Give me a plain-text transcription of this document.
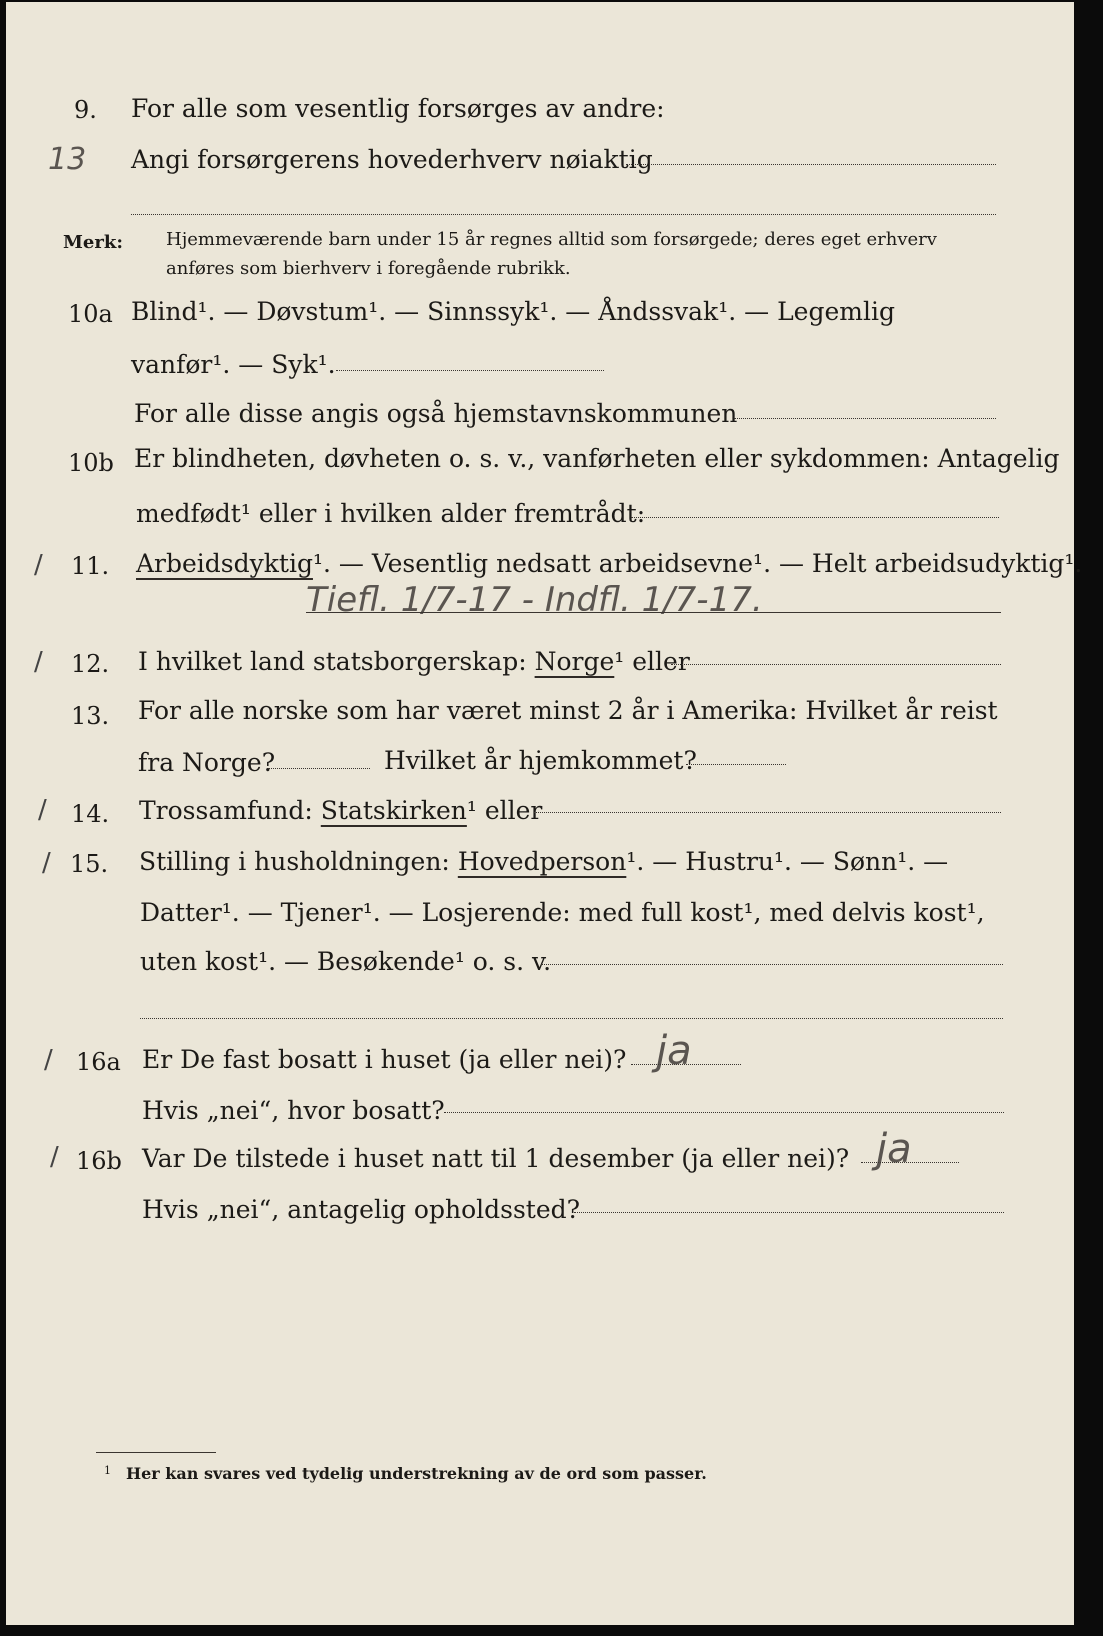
9. For alle som vesentlig forsørges av andre:
13 Angi forsørgerens hovederhverv nøiaktig
Merk: Hjemmeværende barn under 15 år regnes alltid som forsørgede; deres eget erhverv
anføres som bierhverv i foregående rubrikk.
10a Blind¹. — Døvstum¹. — Sinnssyk¹. — Åndssvak¹. — Legemlig
vanfør¹. — Syk¹.
For alle disse angis også hjemstavnskommunen
10b Er blindheten, døvheten o. s. v., vanførheten eller sykdommen: Antagelig
medfødt¹ eller i hvilken alder fremtrådt:
/ 11. Arbeidsdyktig¹. — Vesentlig nedsatt arbeidsevne¹. — Helt arbeidsudyktig¹.
Tiefl. 1/7-17 - Indfl. 1/7-17.
/ 12. I hvilket land statsborgerskap: Norge¹ eller
13. For alle norske som har været minst 2 år i Amerika: Hvilket år reist
fra Norge?	Hvilket år hjemkommet?
/ 14. Trossamfund: Statskirken¹ eller
/ 15. Stilling i husholdningen: Hovedperson¹. — Hustru¹. — Sønn¹. —
Datter¹. — Tjener¹. — Losjerende: med full kost¹, med delvis kost¹,
uten kost¹. — Besøkende¹ o. s. v.
/ 16a Er De fast bosatt i huset (ja eller nei)? ja
Hvis „nei“, hvor bosatt?
/ 16b Var De tilstede i huset natt til 1 desember (ja eller nei)? ja
Hvis „nei“, antagelig opholdssted?
1 Her kan svares ved tydelig understrekning av de ord som passer.
